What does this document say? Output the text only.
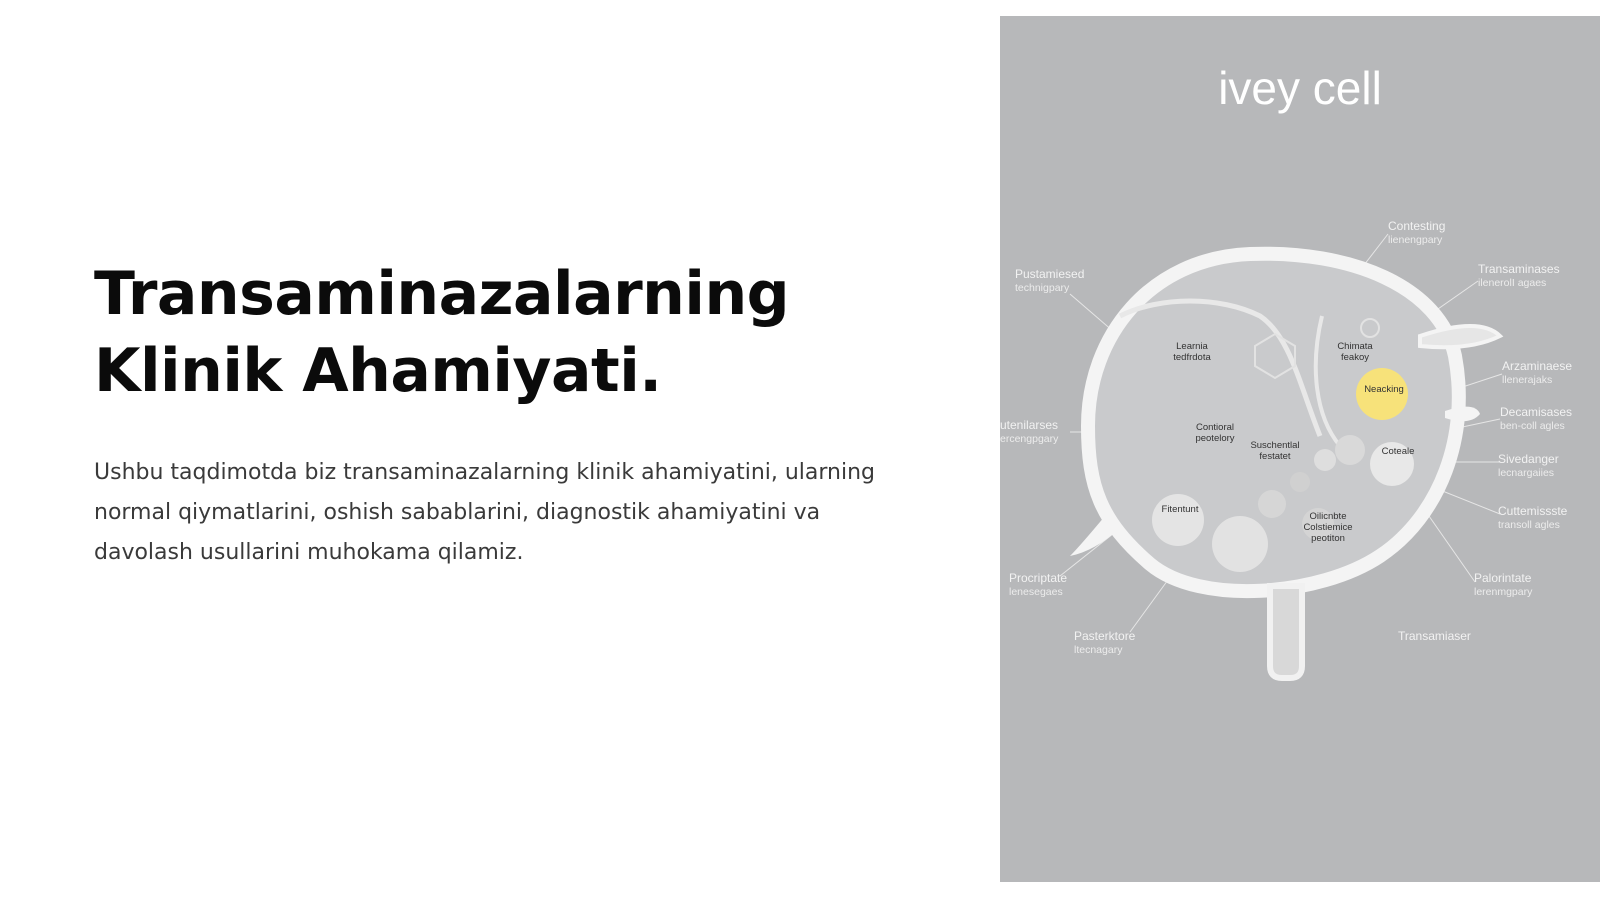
Transaminazalarning
Klinik Ahamiyati.

Ushbu taqdimotda biz transaminazalarning klinik ahamiyatini, ularning normal qiymatlarini, oshish sabablarini, diagnostik ahamiyatini va davolash usullarini muhokama qilamiz.

ivey cell
Contesting
lienengpary
Pustamiesed
technigpary
Transaminases
ilenerolI agaes
Arzaminaese
llenerajaks
Decamisases
ben-coll agles
utenilarses
ercengpgary
Sivedanger
lecnargaiies
Cuttemissste
transoll agles
Procriptate
lenesegaes
Palorintate
lerenmgpary
Pasterktore
ltecnagary
Transamiaser
Learnia
tedfrdota
Chimata
feakoy
Neacking
Contioral
peotelory
Suschentlal
festatet	Coteale
Fitentunt
Oilicnbte
Colstiemice
peotiton
